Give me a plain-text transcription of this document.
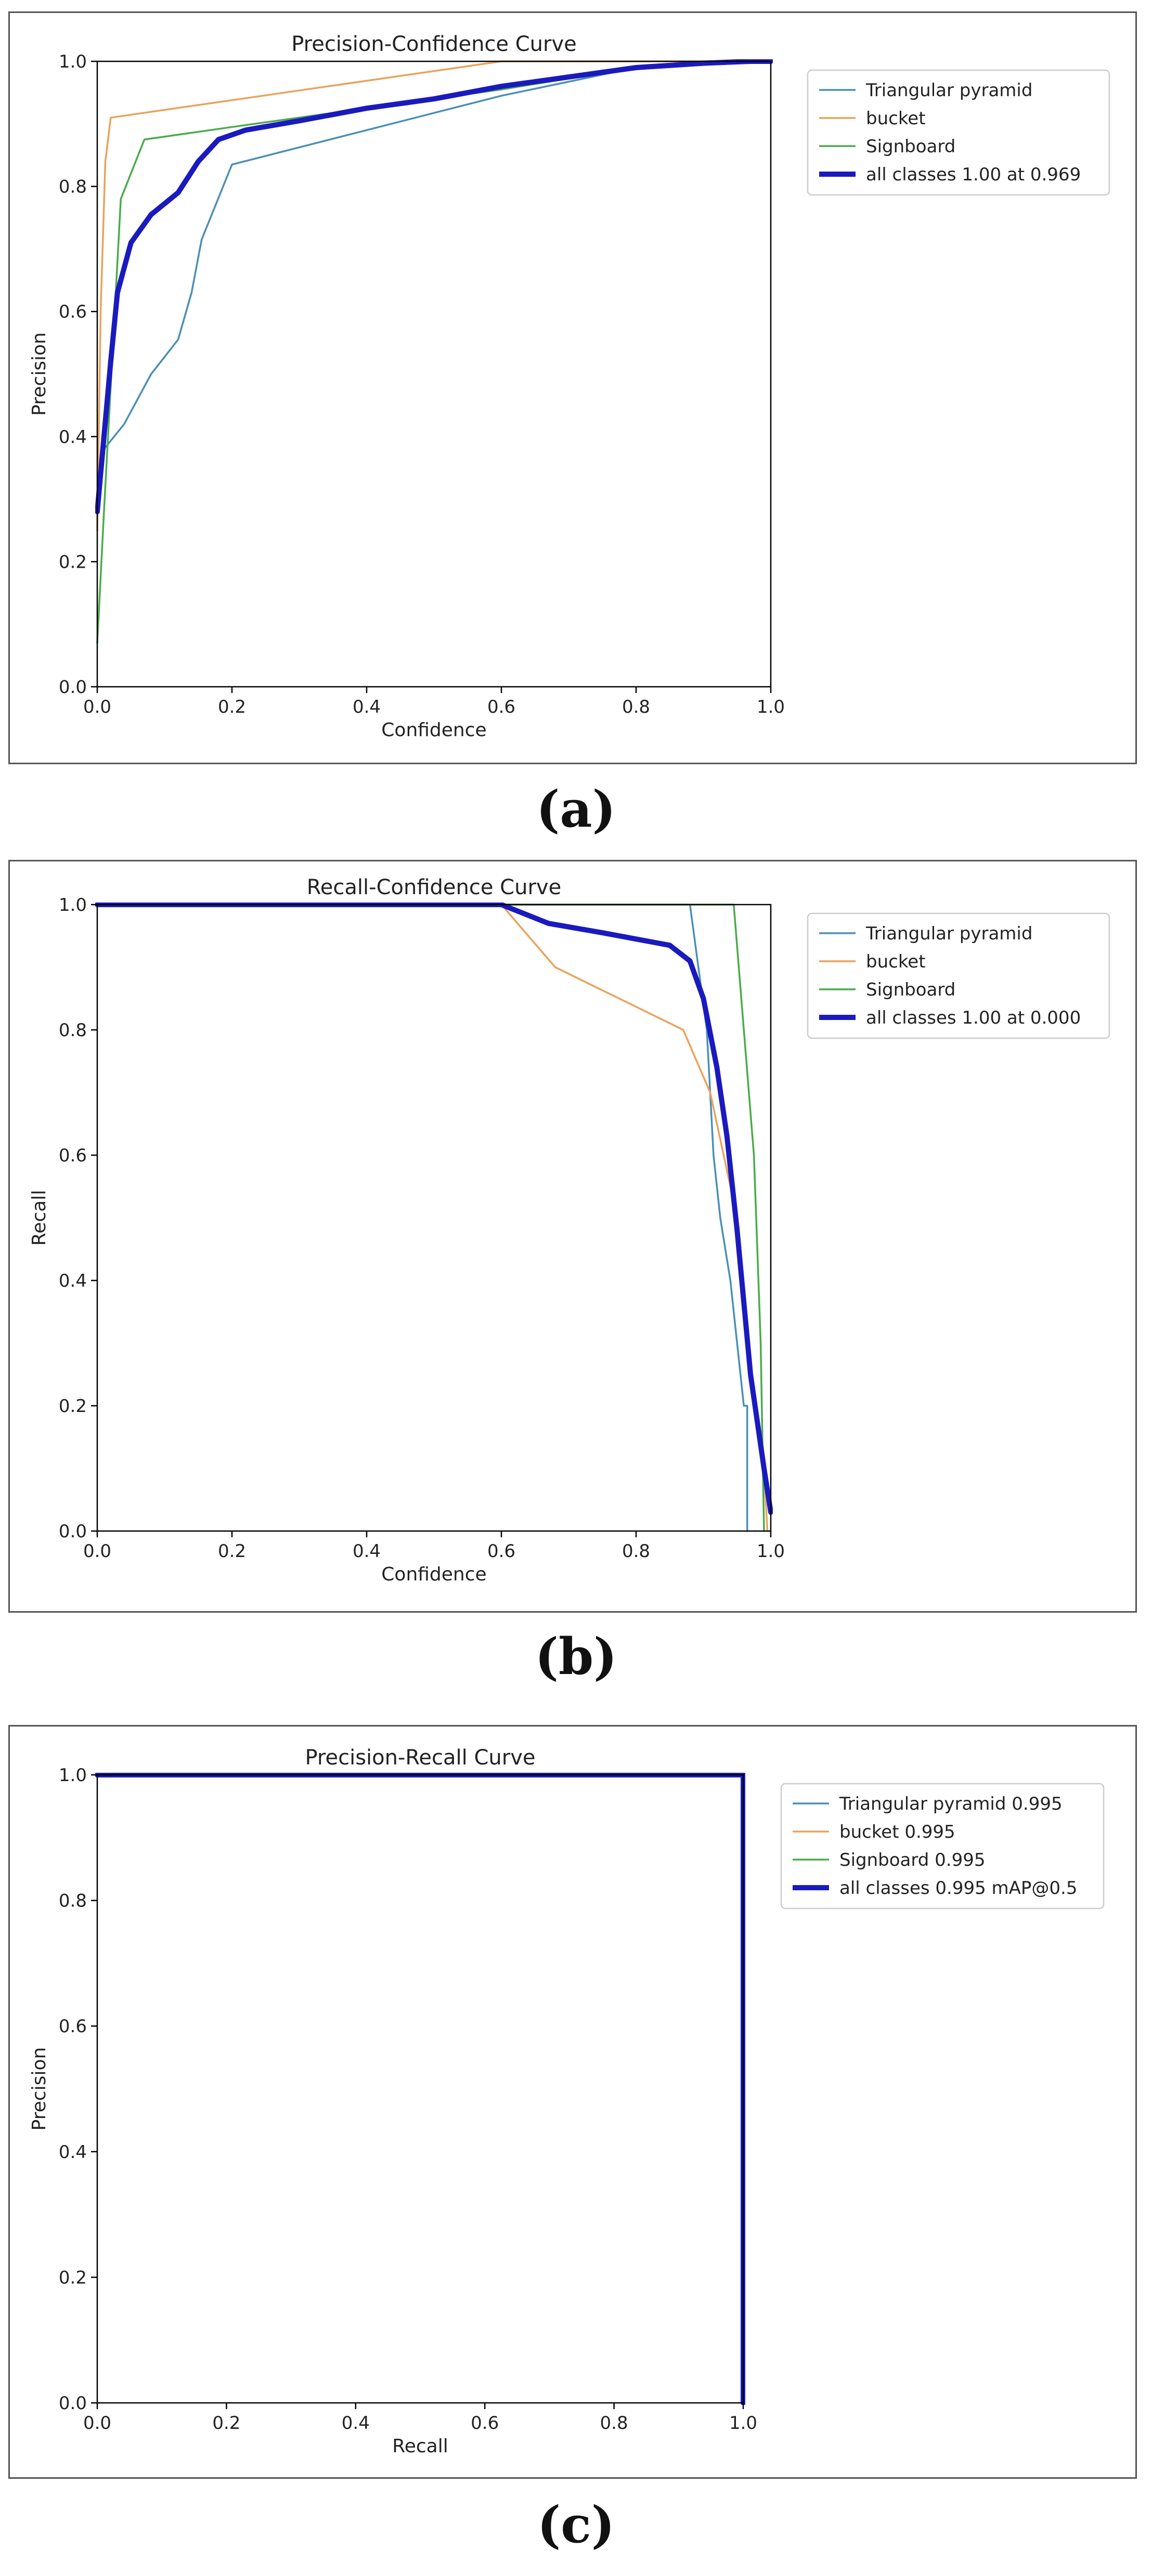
Precision-Confidence Curve
0.0	0.2	0.4	0.6	0.8	1.0
0.0
0.2
0.4
0.6
0.8
1.0
Confidence
Precision
Triangular pyramid
bucket
Signboard
all classes 1.00 at 0.969
(a)
Recall-Confidence Curve
0.0	0.2	0.4	0.6	0.8	1.0
0.0
0.2
0.4
0.6
0.8
1.0
Confidence
Recall
Triangular pyramid
bucket
Signboard
all classes 1.00 at 0.000
(b)
Precision-Recall Curve
0.0	0.2	0.4	0.6	0.8	1.0
0.0
0.2
0.4
0.6
0.8
1.0
Recall
Precision
Triangular pyramid 0.995
bucket 0.995
Signboard 0.995
all classes 0.995 mAP@0.5
(c)
